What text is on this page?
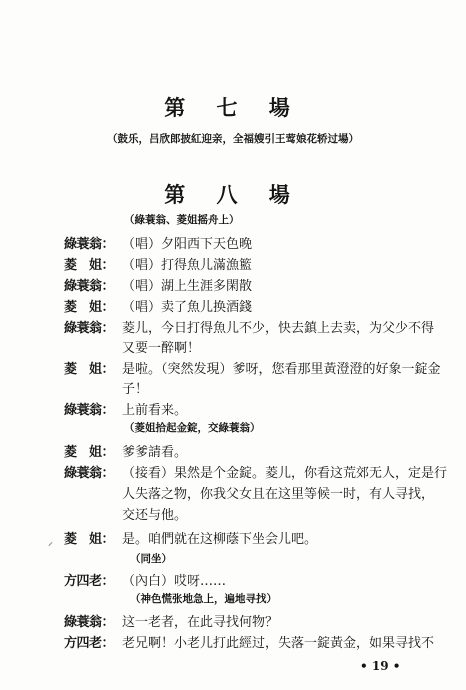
第 七 場
（鼓乐，吕欣郎披紅迎亲，全福嫂引王莺娘花轿过場）
第 八 場
（綠蓑翁、菱姐摇舟上）
綠蓑翁： （唱）夕阳西下天色晚
菱　姐： （唱）打得魚儿滿漁籃
綠蓑翁： （唱）湖上生涯多閑散
菱　姐： （唱）卖了魚儿换酒錢
綠蓑翁： 菱儿，今日打得魚儿不少，快去鎮上去卖，为父少不得
又要一醉啊！
菱　姐： 是啦。（突然发現）爹呀，您看那里黃澄澄的好象一錠金
子！
綠蓑翁： 上前看来。
（菱姐拾起金錠，交綠蓑翁）
菱　姐： 爹爹請看。
綠蓑翁： （接看）果然是个金錠。菱儿，你看这荒郊无人，定是行
人失落之物，你我父女且在这里等候一时，有人寻找，
交还与他。
⸝ 菱　姐： 是。咱們就在这柳蔭下坐会儿吧。
（同坐）
方四老： （內白）哎呀……
（神色慌张地急上，遍地寻找）
綠蓑翁： 这一老者，在此寻找何物？
方四老： 老兄啊！小老儿打此經过，失落一錠黃金，如果寻找不
• 19 •
